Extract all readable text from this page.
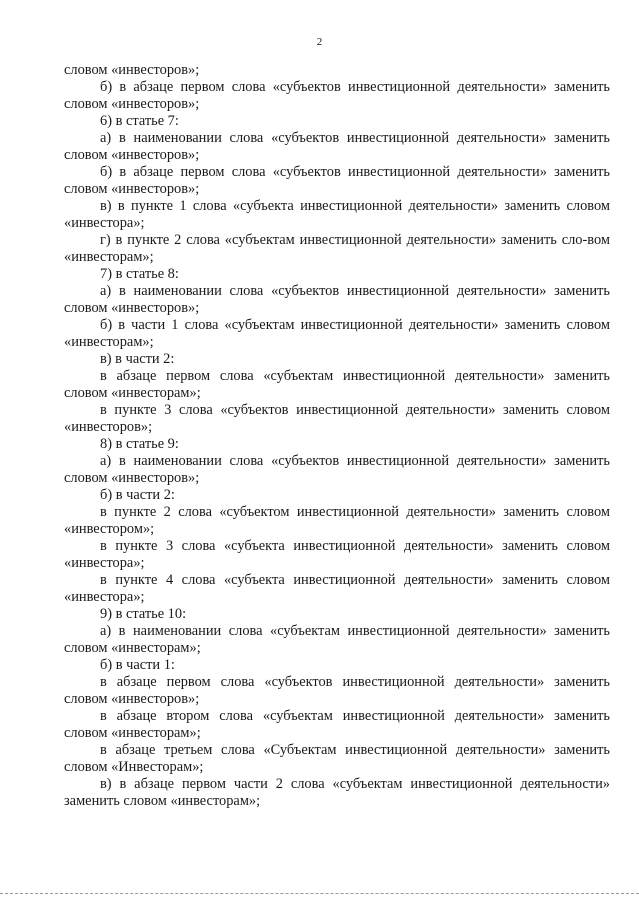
2

словом «инвесторов»;

б) в абзаце первом слова «субъектов инвестиционной деятельности» заменить словом «инвесторов»;

6) в статье 7:

а) в наименовании слова «субъектов инвестиционной деятельности» заменить словом «инвесторов»;

б) в абзаце первом слова «субъектов инвестиционной деятельности» заменить словом «инвесторов»;

в) в пункте 1 слова «субъекта инвестиционной деятельности» заменить словом «инвестора»;

г) в пункте 2 слова «субъектам инвестиционной деятельности» заменить сло-вом «инвесторам»;

7) в статье 8:

а) в наименовании слова «субъектов инвестиционной деятельности» заменить словом «инвесторов»;

б) в части 1 слова «субъектам инвестиционной деятельности» заменить словом «инвесторам»;

в) в части 2:

в абзаце первом слова «субъектам инвестиционной деятельности» заменить словом «инвесторам»;

в пункте 3 слова «субъектов инвестиционной деятельности» заменить словом «инвесторов»;

8) в статье 9:

а) в наименовании слова «субъектов инвестиционной деятельности» заменить словом «инвесторов»;

б) в части 2:

в пункте 2 слова «субъектом инвестиционной деятельности» заменить словом «инвестором»;

в пункте 3 слова «субъекта инвестиционной деятельности» заменить словом «инвестора»;

в пункте 4 слова «субъекта инвестиционной деятельности» заменить словом «инвестора»;

9) в статье 10:

а) в наименовании слова «субъектам инвестиционной деятельности» заменить словом «инвесторам»;

б) в части 1:

в абзаце первом слова «субъектов инвестиционной деятельности» заменить словом «инвесторов»;

в абзаце втором слова «субъектам инвестиционной деятельности» заменить словом «инвесторам»;

в абзаце третьем слова «Субъектам инвестиционной деятельности» заменить словом «Инвесторам»;

в) в абзаце первом части 2 слова «субъектам инвестиционной деятельности» заменить словом «инвесторам»;
